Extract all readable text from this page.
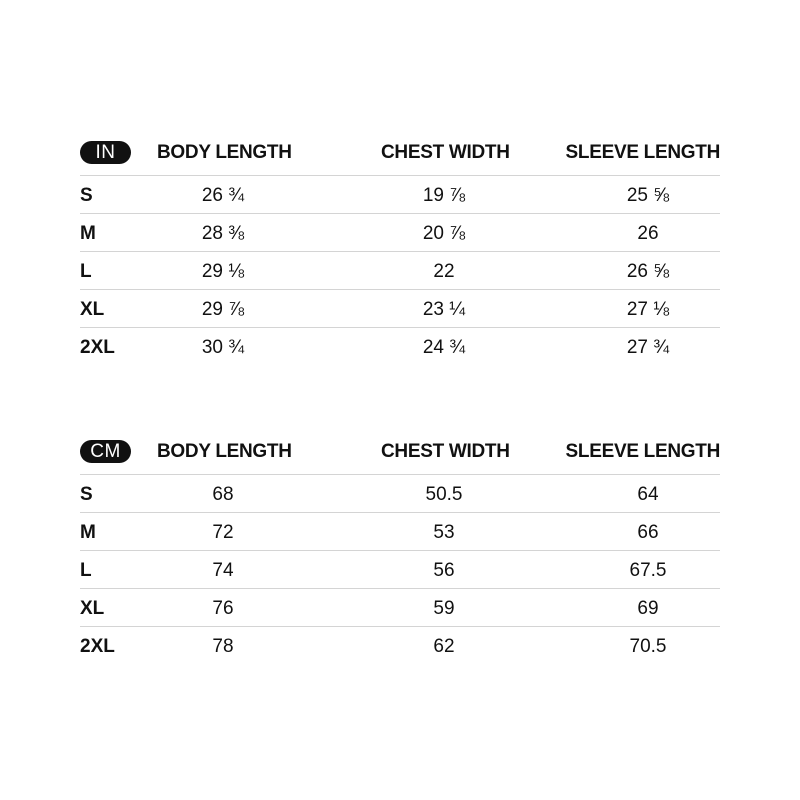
IN	BODY LENGTH	CHEST WIDTH	SLEEVE LENGTH
S	26 ¾	19 ⅞	25 ⅝
M	28 ⅜	20 ⅞	26
L	29 ⅛	22	26 ⅝
XL	29 ⅞	23 ¼	27 ⅛
2XL	30 ¾	24 ¾	27 ¾
CM	BODY LENGTH	CHEST WIDTH	SLEEVE LENGTH
S	68	50.5	64
M	72	53	66
L	74	56	67.5
XL	76	59	69
2XL	78	62	70.5
